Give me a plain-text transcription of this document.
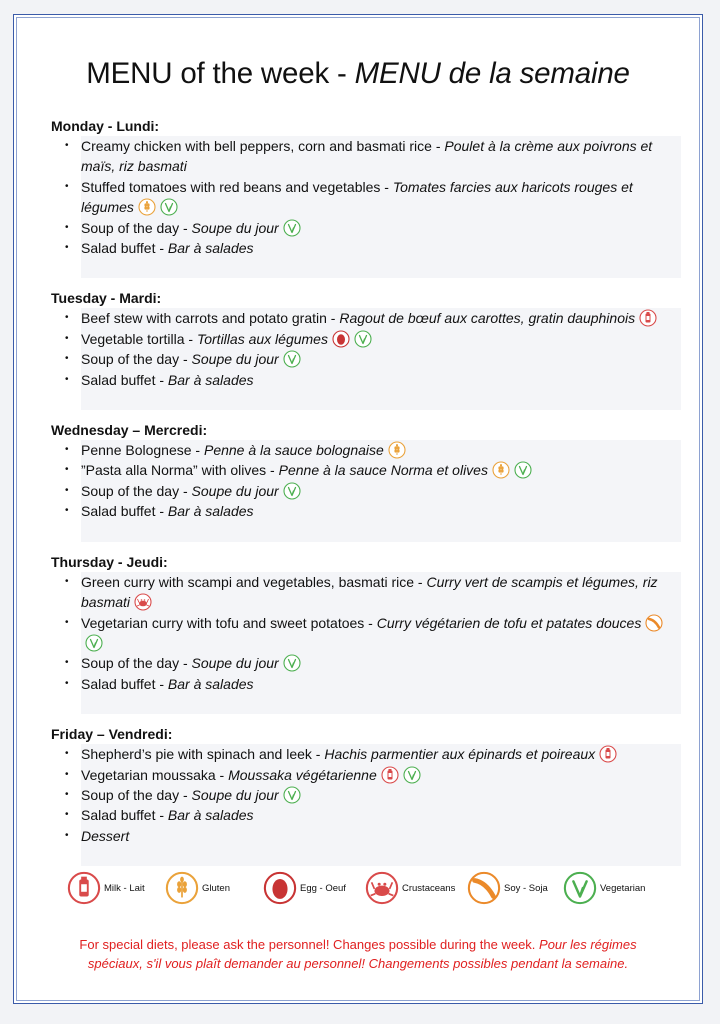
MENU of the week - MENU de la semaine
Monday - Lundi:
• Creamy chicken with bell peppers, corn and basmati rice - Poulet à la crème aux poivrons et maïs, riz basmati
• Stuffed tomatoes with red beans and vegetables - Tomates farcies aux haricots rouges et légumes
• Soup of the day - Soupe du jour
• Salad buffet - Bar à salades
Tuesday - Mardi:
• Beef stew with carrots and potato gratin - Ragout de bœuf aux carottes, gratin dauphinois
• Vegetable tortilla - Tortillas aux légumes
• Soup of the day - Soupe du jour
• Salad buffet - Bar à salades
Wednesday – Mercredi:
• Penne Bolognese - Penne à la sauce bolognaise
• ”Pasta alla Norma” with olives - Penne à la sauce Norma et olives
• Soup of the day - Soupe du jour
• Salad buffet - Bar à salades
Thursday - Jeudi:
• Green curry with scampi and vegetables, basmati rice - Curry vert de scampis et légumes, riz basmati
• Vegetarian curry with tofu and sweet potatoes - Curry végétarien de tofu et patates douces
• Soup of the day - Soupe du jour
• Salad buffet - Bar à salades
Friday – Vendredi:
• Shepherd’s pie with spinach and leek - Hachis parmentier aux épinards et poireaux
• Vegetarian moussaka - Moussaka végétarienne
• Soup of the day - Soupe du jour
• Salad buffet - Bar à salades
• Dessert
Milk - Lait	Gluten	Egg - Oeuf	Crustaceans	Soy - Soja	Vegetarian
For special diets, please ask the personnel! Changes possible during the week. Pour les régimes spéciaux, s'il vous plaît demander au personnel! Changements possibles pendant la semaine.
